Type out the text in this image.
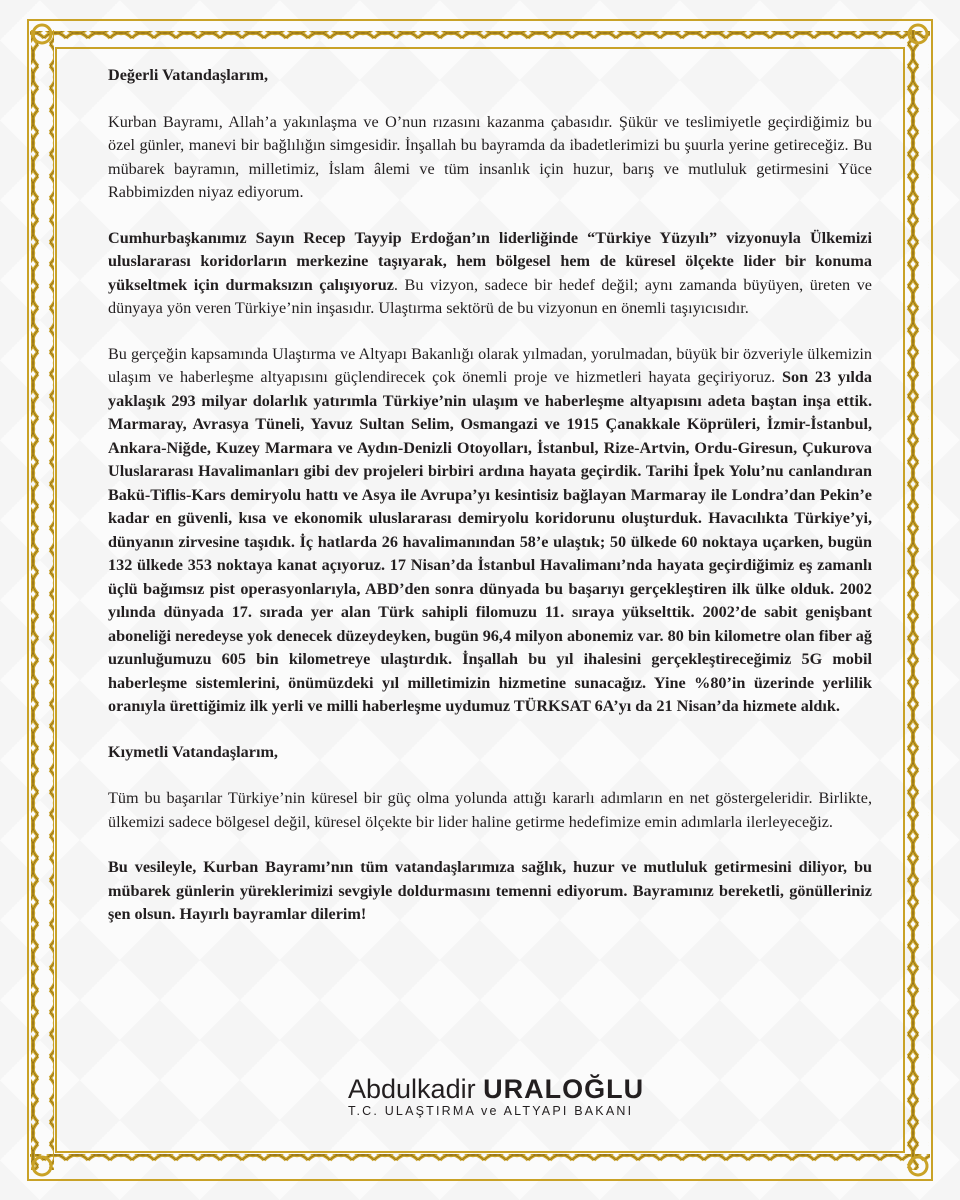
Değerli Vatandaşlarım,

Kurban Bayramı, Allah’a yakınlaşma ve O’nun rızasını kazanma çabasıdır. Şükür ve teslimiyetle geçirdiğimiz bu özel günler, manevi bir bağlılığın simgesidir. İnşallah bu bayramda da ibadetlerimizi bu şuurla yerine getireceğiz. Bu mübarek bayramın, milletimiz, İslam âlemi ve tüm insanlık için huzur, barış ve mutluluk getirmesini Yüce Rabbimizden niyaz ediyorum.

Cumhurbaşkanımız Sayın Recep Tayyip Erdoğan’ın liderliğinde “Türkiye Yüzyılı” vizyonuyla Ülkemizi uluslararası koridorların merkezine taşıyarak, hem bölgesel hem de küresel ölçekte lider bir konuma yükseltmek için durmaksızın çalışıyoruz. Bu vizyon, sadece bir hedef değil; aynı zamanda büyüyen, üreten ve dünyaya yön veren Türkiye’nin inşasıdır. Ulaştırma sektörü de bu vizyonun en önemli taşıyıcısıdır.

Bu gerçeğin kapsamında Ulaştırma ve Altyapı Bakanlığı olarak yılmadan, yorulmadan, büyük bir özveriyle ülkemizin ulaşım ve haberleşme altyapısını güçlendirecek çok önemli proje ve hizmetleri hayata geçiriyoruz. Son 23 yılda yaklaşık 293 milyar dolarlık yatırımla Türkiye’nin ulaşım ve haberleşme altyapısını adeta baştan inşa ettik. Marmaray, Avrasya Tüneli, Yavuz Sultan Selim, Osmangazi ve 1915 Çanakkale Köprüleri, İzmir-İstanbul, Ankara-Niğde, Kuzey Marmara ve Aydın-Denizli Otoyolları, İstanbul, Rize-Artvin, Ordu-Giresun, Çukurova Uluslararası Havalimanları gibi dev projeleri birbiri ardına hayata geçirdik. Tarihi İpek Yolu’nu canlandıran Bakü-Tiflis-Kars demiryolu hattı ve Asya ile Avrupa’yı kesintisiz bağlayan Marmaray ile Londra’dan Pekin’e kadar en güvenli, kısa ve ekonomik uluslararası demiryolu koridorunu oluşturduk. Havacılıkta Türkiye’yi, dünyanın zirvesine taşıdık. İç hatlarda 26 havalimanından 58’e ulaştık; 50 ülkede 60 noktaya uçarken, bugün 132 ülkede 353 noktaya kanat açıyoruz. 17 Nisan’da İstanbul Havalimanı’nda hayata geçirdiğimiz eş zamanlı üçlü bağımsız pist operasyonlarıyla, ABD’den sonra dünyada bu başarıyı gerçekleştiren ilk ülke olduk. 2002 yılında dünyada 17. sırada yer alan Türk sahipli filomuzu 11. sıraya yükselttik. 2002’de sabit genişbant aboneliği neredeyse yok denecek düzeydeyken, bugün 96,4 milyon abonemiz var. 80 bin kilometre olan fiber ağ uzunluğumuzu 605 bin kilometreye ulaştırdık. İnşallah bu yıl ihalesini gerçekleştireceğimiz 5G mobil haberleşme sistemlerini, önümüzdeki yıl milletimizin hizmetine sunacağız. Yine %80’in üzerinde yerlilik oranıyla ürettiğimiz ilk yerli ve milli haberleşme uydumuz TÜRKSAT 6A’yı da 21 Nisan’da hizmete aldık.

Kıymetli Vatandaşlarım,

Tüm bu başarılar Türkiye’nin küresel bir güç olma yolunda attığı kararlı adımların en net göstergeleridir. Birlikte, ülkemizi sadece bölgesel değil, küresel ölçekte bir lider haline getirme hedefimize emin adımlarla ilerleyeceğiz.

Bu vesileyle, Kurban Bayramı’nın tüm vatandaşlarımıza sağlık, huzur ve mutluluk getirmesini diliyor, bu mübarek günlerin yüreklerimizi sevgiyle doldurmasını temenni ediyorum. Bayramınız bereketli, gönülleriniz şen olsun. Hayırlı bayramlar dilerim!

Abdulkadir URALOĞLU
T.C. ULAŞTIRMA ve ALTYAPI BAKANI
